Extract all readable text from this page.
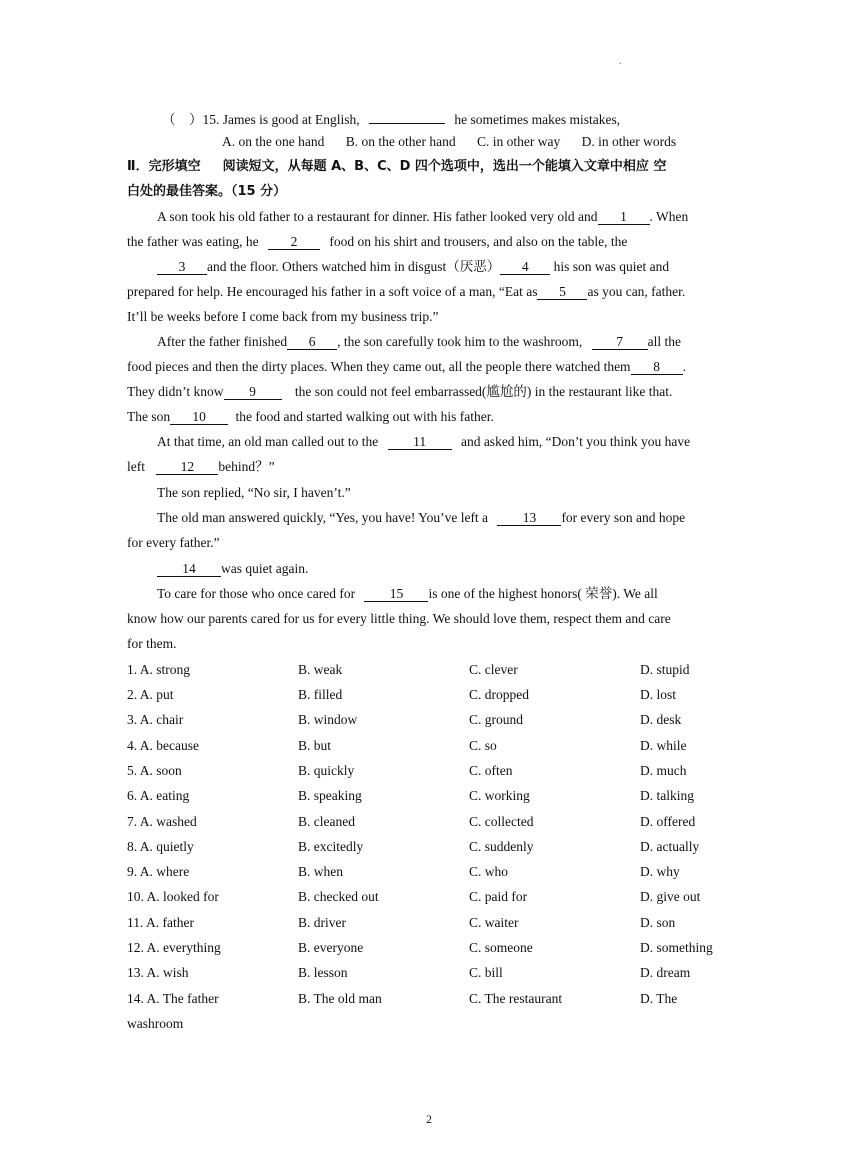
.
（　）15. James is good at English,	he sometimes makes mistakes,
A. on the one hand B. on the other hand C. in other way D. in other words
Ⅱ．完形填空 阅读短文，从每题 A、B、C、D 四个选项中，选出一个能填入文章中相应 空
白处的最佳答案。（15 分）
A son took his old father to a restaurant for dinner. His father looked very old and 1 . When
the father was eating, he 2 food on his shirt and trousers, and also on the table, the
3 and the floor. Others watched him in disgust（厌恶） 4 his son was quiet and
prepared for help. He encouraged his father in a soft voice of a man, “Eat as 5 as you can, father.
It’ll be weeks before I come back from my business trip.”
After the father finished 6 , the son carefully took him to the washroom,	7 all the
food pieces and then the dirty places. When they came out, all the people there watched them 8 .
They didn’t know 9	the son could not feel embarrassed(尴尬的) in the restaurant like that.
The son 10 the food and started walking out with his father.
At that time, an old man called out to the	11	and asked him, “Don’t you think you have
left	12 behind？”
The son replied, “No sir, I haven’t.”
The old man answered quickly, “Yes, you have! You’ve left a	13 for every son and hope
for every father.”
14 was quiet again.
To care for those who once cared for	15 is one of the highest honors( 荣誉). We all
know how our parents cared for us for every little thing. We should love them, respect them and care
for them.
1. A. strong	B. weak	C. clever	D. stupid
2. A. put	B. filled	C. dropped	D. lost
3. A. chair	B. window	C. ground	D. desk
4. A. because	B. but	C. so	D. while
5. A. soon	B. quickly	C. often	D. much
6. A. eating	B. speaking	C. working	D. talking
7. A. washed	B. cleaned	C. collected	D. offered
8. A. quietly	B. excitedly	C. suddenly	D. actually
9. A. where	B. when	C. who	D. why
10. A. looked for	B. checked out	C. paid for	D. give out
11. A. father	B. driver	C. waiter	D. son
12. A. everything	B. everyone	C. someone	D. something
13. A. wish	B. lesson	C. bill	D. dream
14. A. The father	B. The old man	C. The restaurant	D. The
washroom
2
